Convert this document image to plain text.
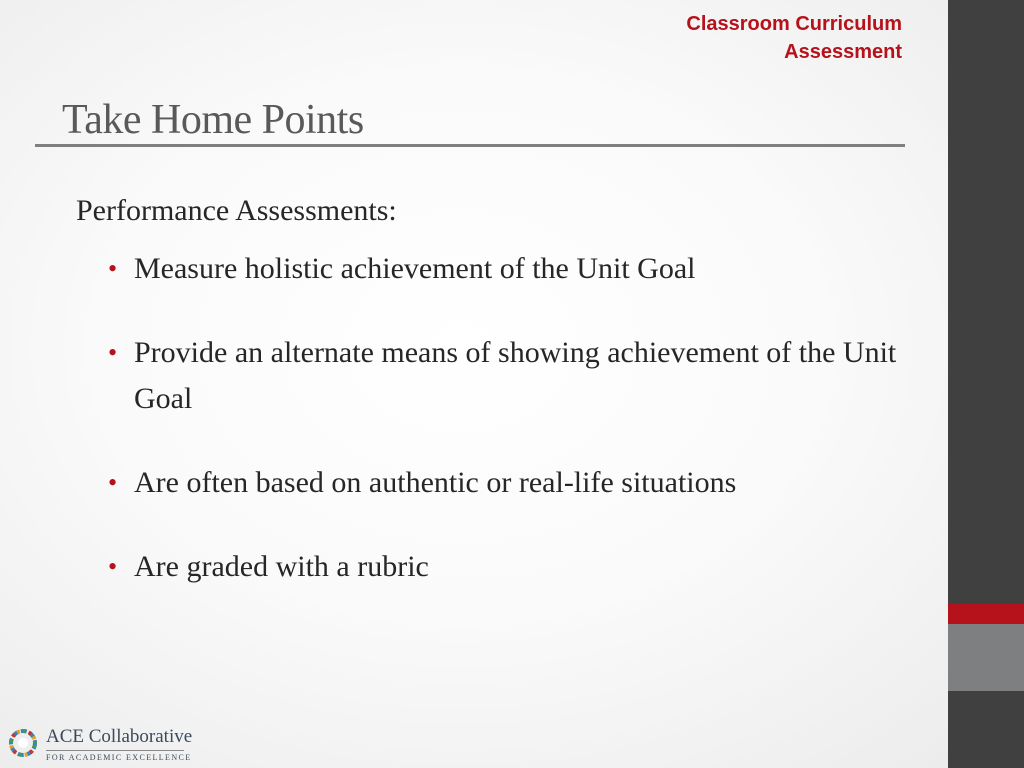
Classroom Curriculum
Assessment
Take Home Points

Performance Assessments:

• Measure holistic achievement of the Unit Goal
• Provide an alternate means of showing achievement of the Unit Goal
• Are often based on authentic or real-life situations
• Are graded with a rubric
ACE Collaborative
FOR ACADEMIC EXCELLENCE
